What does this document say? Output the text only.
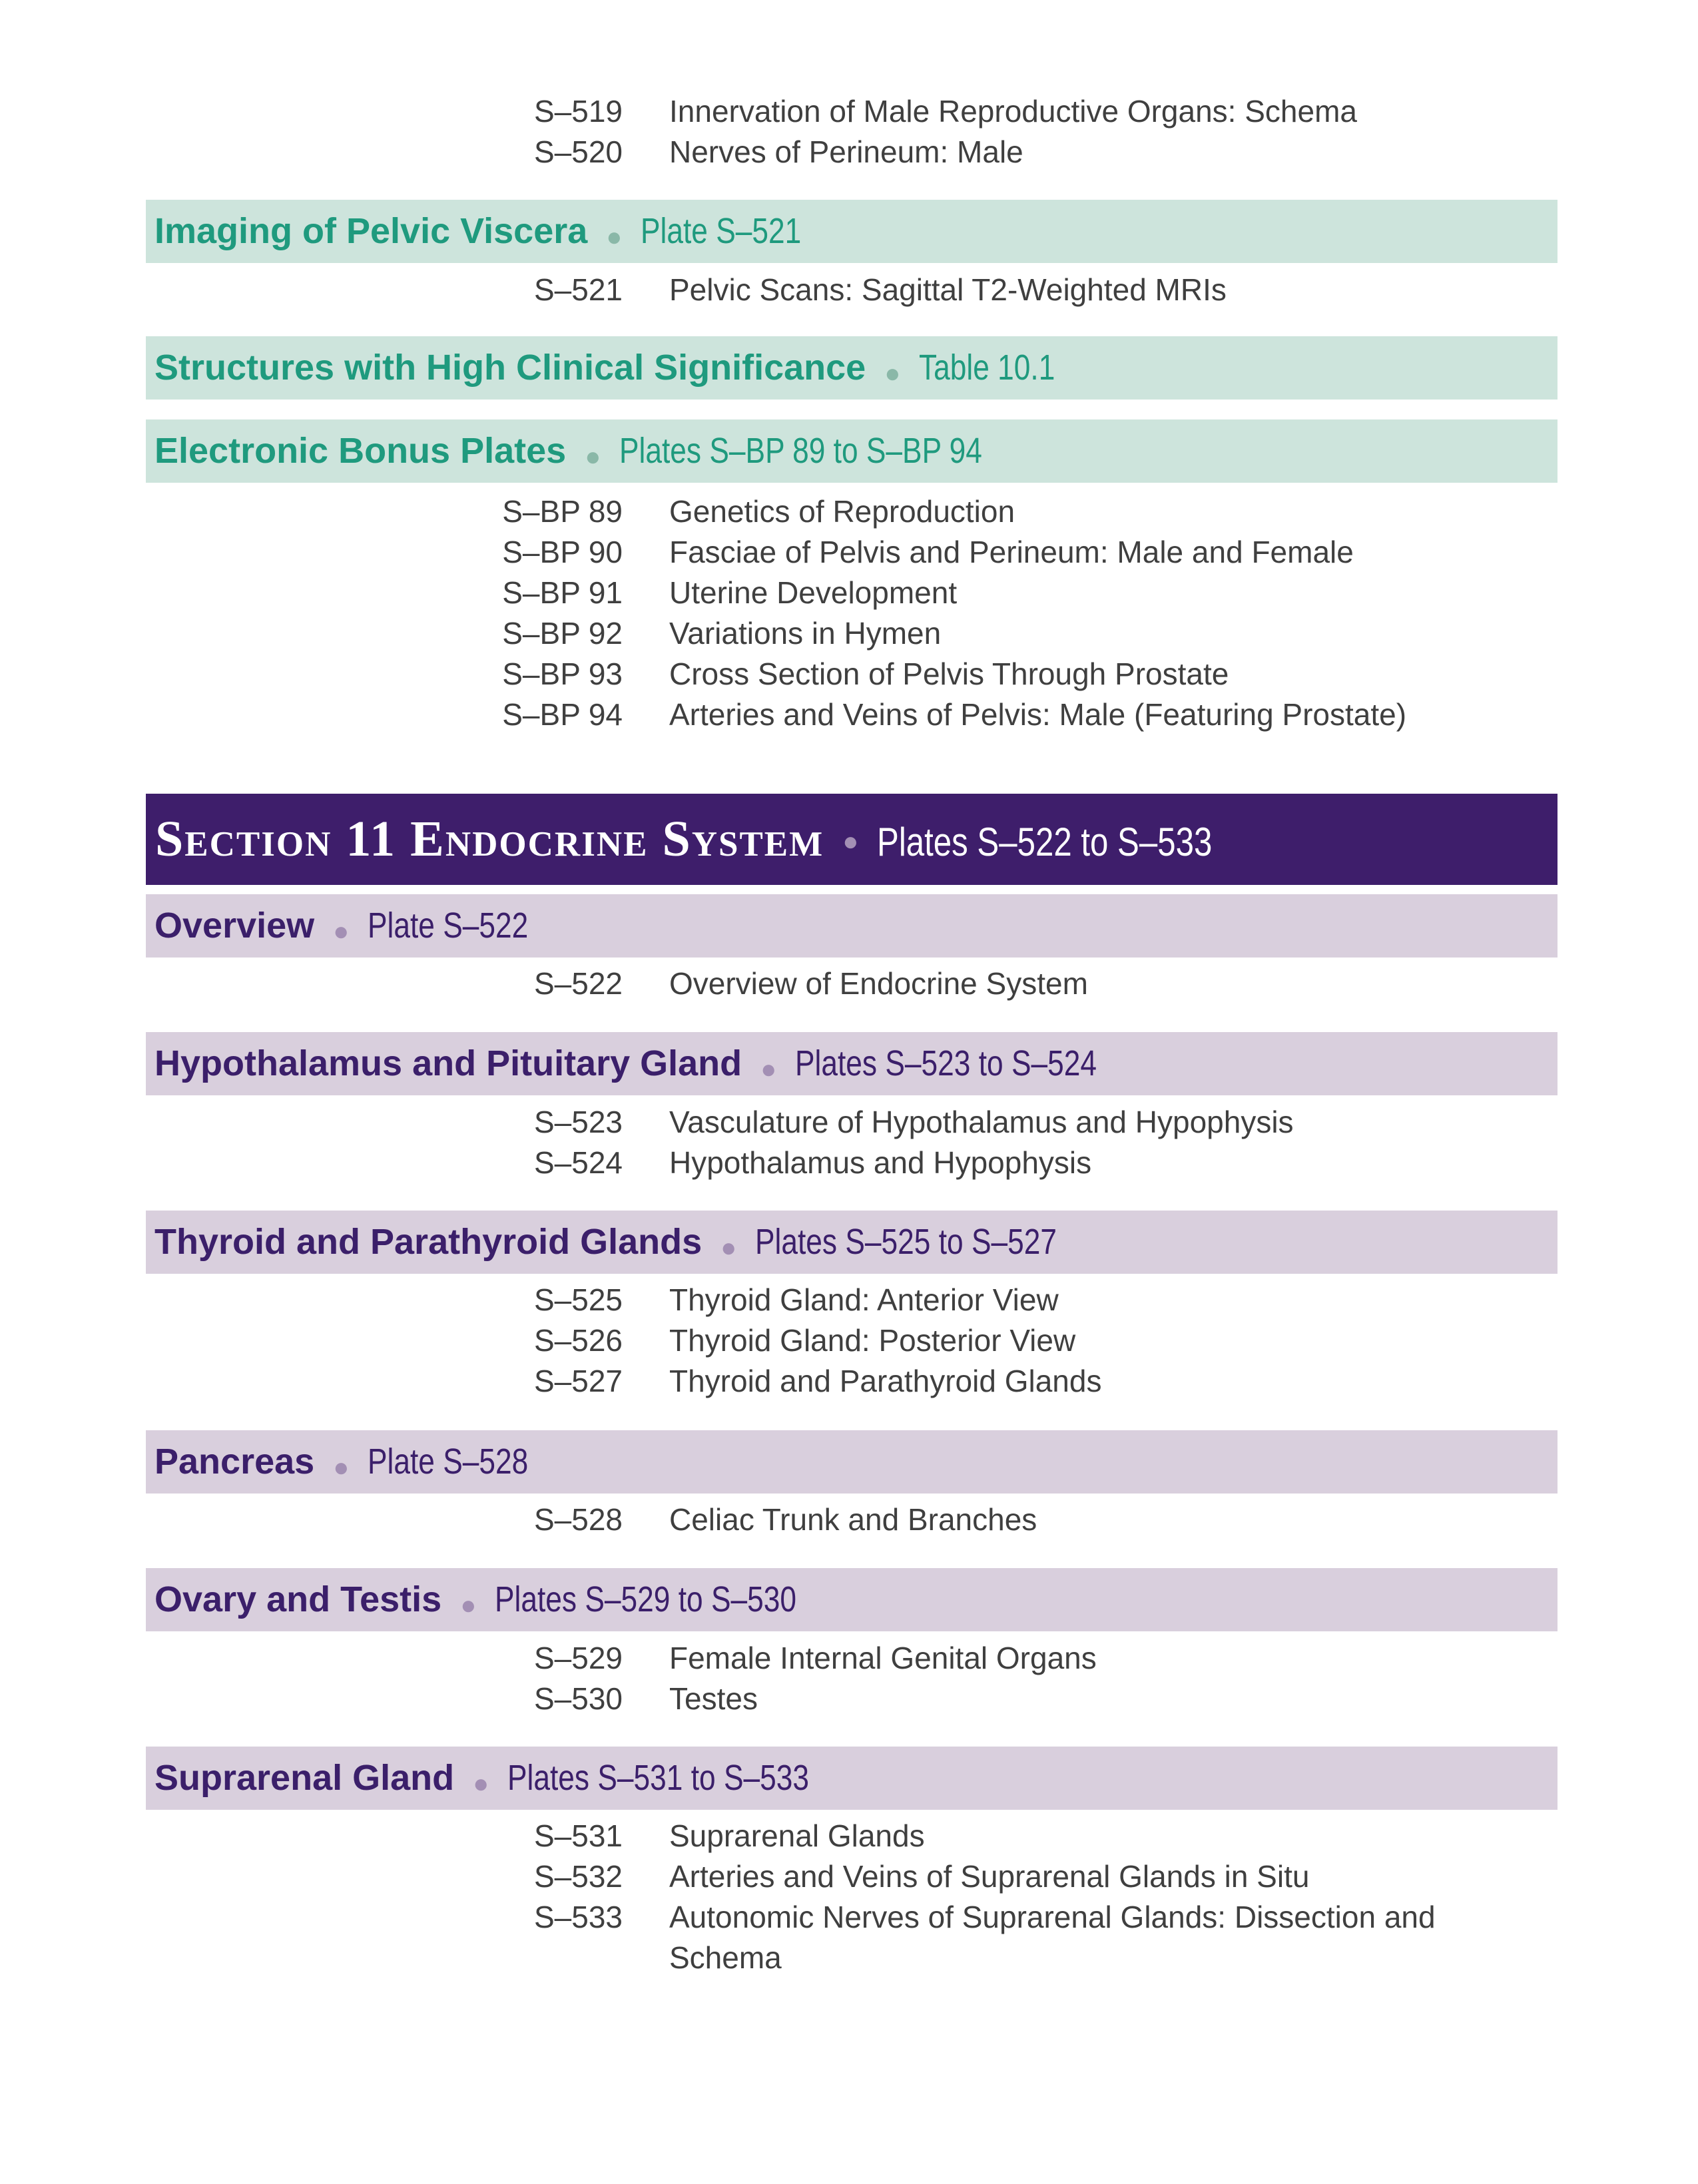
S–519 Innervation of Male Reproductive Organs: Schema
S–520 Nerves of Perineum: Male
Imaging of Pelvic Viscera ● Plate S–521
S–521 Pelvic Scans: Sagittal T2-Weighted MRIs
Structures with High Clinical Significance ● Table 10.1
Electronic Bonus Plates ● Plates S–BP 89 to S–BP 94
S–BP 89 Genetics of Reproduction
S–BP 90 Fasciae of Pelvis and Perineum: Male and Female
S–BP 91 Uterine Development
S–BP 92 Variations in Hymen
S–BP 93 Cross Section of Pelvis Through Prostate
S–BP 94 Arteries and Veins of Pelvis: Male (Featuring Prostate)
Section 11 Endocrine System ● Plates S–522 to S–533
Overview ● Plate S–522
S–522 Overview of Endocrine System
Hypothalamus and Pituitary Gland ● Plates S–523 to S–524
S–523 Vasculature of Hypothalamus and Hypophysis
S–524 Hypothalamus and Hypophysis
Thyroid and Parathyroid Glands ● Plates S–525 to S–527
S–525 Thyroid Gland: Anterior View
S–526 Thyroid Gland: Posterior View
S–527 Thyroid and Parathyroid Glands
Pancreas ● Plate S–528
S–528 Celiac Trunk and Branches
Ovary and Testis ● Plates S–529 to S–530
S–529 Female Internal Genital Organs
S–530 Testes
Suprarenal Gland ● Plates S–531 to S–533
S–531 Suprarenal Glands
S–532 Arteries and Veins of Suprarenal Glands in Situ
S–533 Autonomic Nerves of Suprarenal Glands: Dissection and
Schema
